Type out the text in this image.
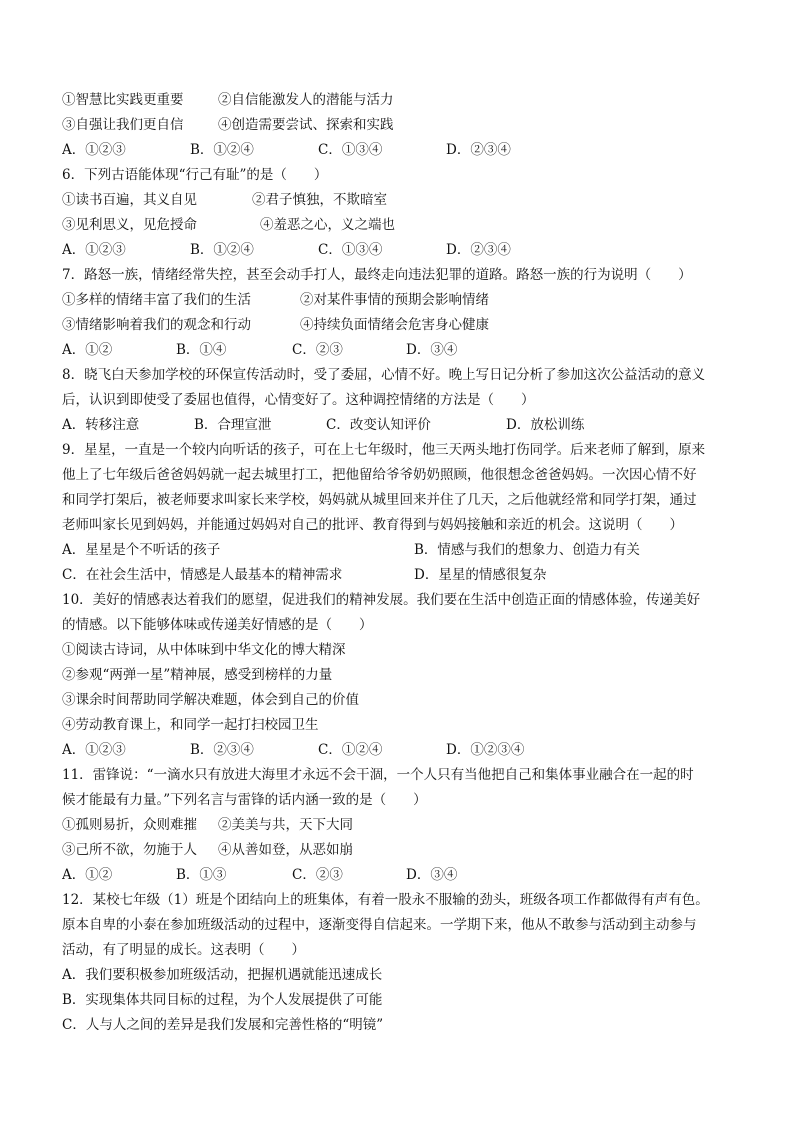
①智慧比实践更重要	②自信能激发人的潜能与活力
③自强让我们更自信	④创造需要尝试、探索和实践
A．①②③	B．①②④	C．①③④	D．②③④
6．下列古语能体现“行己有耻”的是（　　）
①读书百遍，其义自见	②君子慎独，不欺暗室
③见利思义，见危授命	④羞恶之心，义之端也
A．①②③	B．①②④	C．①③④	D．②③④
7．路怒一族，情绪经常失控，甚至会动手打人，最终走向违法犯罪的道路。路怒一族的行为说明（　　）
①多样的情绪丰富了我们的生活	②对某件事情的预期会影响情绪
③情绪影响着我们的观念和行动	④持续负面情绪会危害身心健康
A．①②	B．①④	C．②③	D．③④
8．晓飞白天参加学校的环保宣传活动时，受了委屈，心情不好。晚上写日记分析了参加这次公益活动的意义
后，认识到即使受了委屈也值得，心情变好了。这种调控情绪的方法是（　　）
A．转移注意	B．合理宣泄	C．改变认知评价	D．放松训练
9．星星，一直是一个较内向听话的孩子，可在上七年级时，他三天两头地打伤同学。后来老师了解到，原来
他上了七年级后爸爸妈妈就一起去城里打工，把他留给爷爷奶奶照顾，他很想念爸爸妈妈。一次因心情不好
和同学打架后，被老师要求叫家长来学校，妈妈就从城里回来并住了几天，之后他就经常和同学打架，通过
老师叫家长见到妈妈，并能通过妈妈对自己的批评、教育得到与妈妈接触和亲近的机会。这说明（　　）
A．星星是个不听话的孩子	B．情感与我们的想象力、创造力有关
C．在社会生活中，情感是人最基本的精神需求	D．星星的情感很复杂
10．美好的情感表达着我们的愿望，促进我们的精神发展。我们要在生活中创造正面的情感体验，传递美好
的情感。以下能够体味或传递美好情感的是（　　）
①阅读古诗词，从中体味到中华文化的博大精深
②参观“两弹一星”精神展，感受到榜样的力量
③课余时间帮助同学解决难题，体会到自己的价值
④劳动教育课上，和同学一起打扫校园卫生
A．①②③	B．②③④	C．①②④	D．①②③④
11．雷锋说：“一滴水只有放进大海里才永远不会干涸，一个人只有当他把自己和集体事业融合在一起的时
候才能最有力量。”下列名言与雷锋的话内涵一致的是（　　）
①孤则易折，众则难摧	②美美与共，天下大同
③己所不欲，勿施于人	④从善如登，从恶如崩
A．①②	B．①③	C．②③	D．③④
12．某校七年级（1）班是个团结向上的班集体，有着一股永不服输的劲头，班级各项工作都做得有声有色。
原本自卑的小泰在参加班级活动的过程中，逐渐变得自信起来。一学期下来，他从不敢参与活动到主动参与
活动，有了明显的成长。这表明（　　）
A．我们要积极参加班级活动，把握机遇就能迅速成长
B．实现集体共同目标的过程，为个人发展提供了可能
C．人与人之间的差异是我们发展和完善性格的“明镜”
